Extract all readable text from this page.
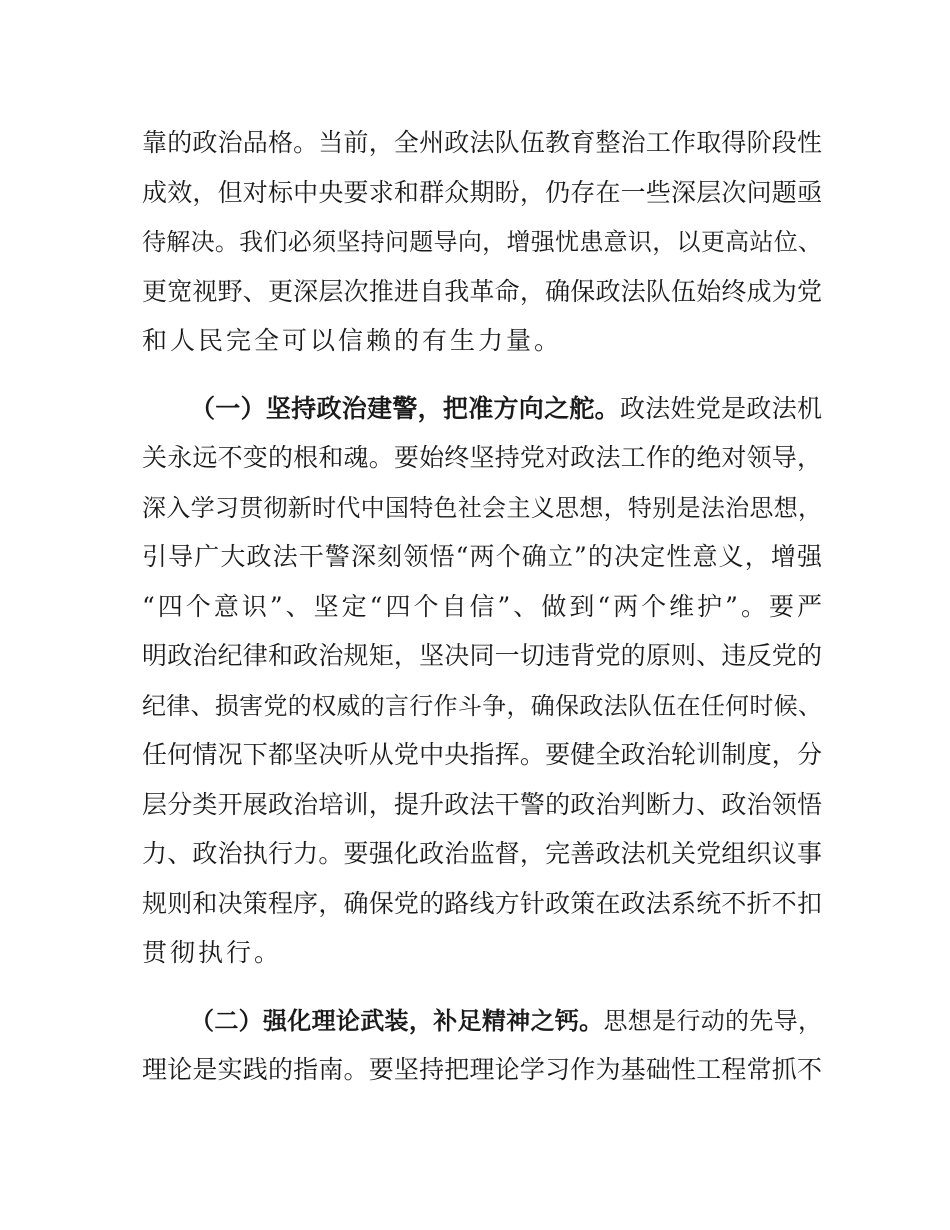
靠的政治品格。当前，全州政法队伍教育整治工作取得阶段性
成效，但对标中央要求和群众期盼，仍存在一些深层次问题亟
待解决。我们必须坚持问题导向，增强忧患意识，以更高站位、
更宽视野、更深层次推进自我革命，确保政法队伍始终成为党
和人民完全可以信赖的有生力量。
（一）坚持政治建警，把准方向之舵。政法姓党是政法机
关永远不变的根和魂。要始终坚持党对政法工作的绝对领导，
深入学习贯彻新时代中国特色社会主义思想，特别是法治思想，
引导广大政法干警深刻领悟“两个确立”的决定性意义，增强
“四个意识”、坚定“四个自信”、做到“两个维护”。要严
明政治纪律和政治规矩，坚决同一切违背党的原则、违反党的
纪律、损害党的权威的言行作斗争，确保政法队伍在任何时候、
任何情况下都坚决听从党中央指挥。要健全政治轮训制度，分
层分类开展政治培训，提升政法干警的政治判断力、政治领悟
力、政治执行力。要强化政治监督，完善政法机关党组织议事
规则和决策程序，确保党的路线方针政策在政法系统不折不扣
贯彻执行。
（二）强化理论武装，补足精神之钙。思想是行动的先导，
理论是实践的指南。要坚持把理论学习作为基础性工程常抓不
